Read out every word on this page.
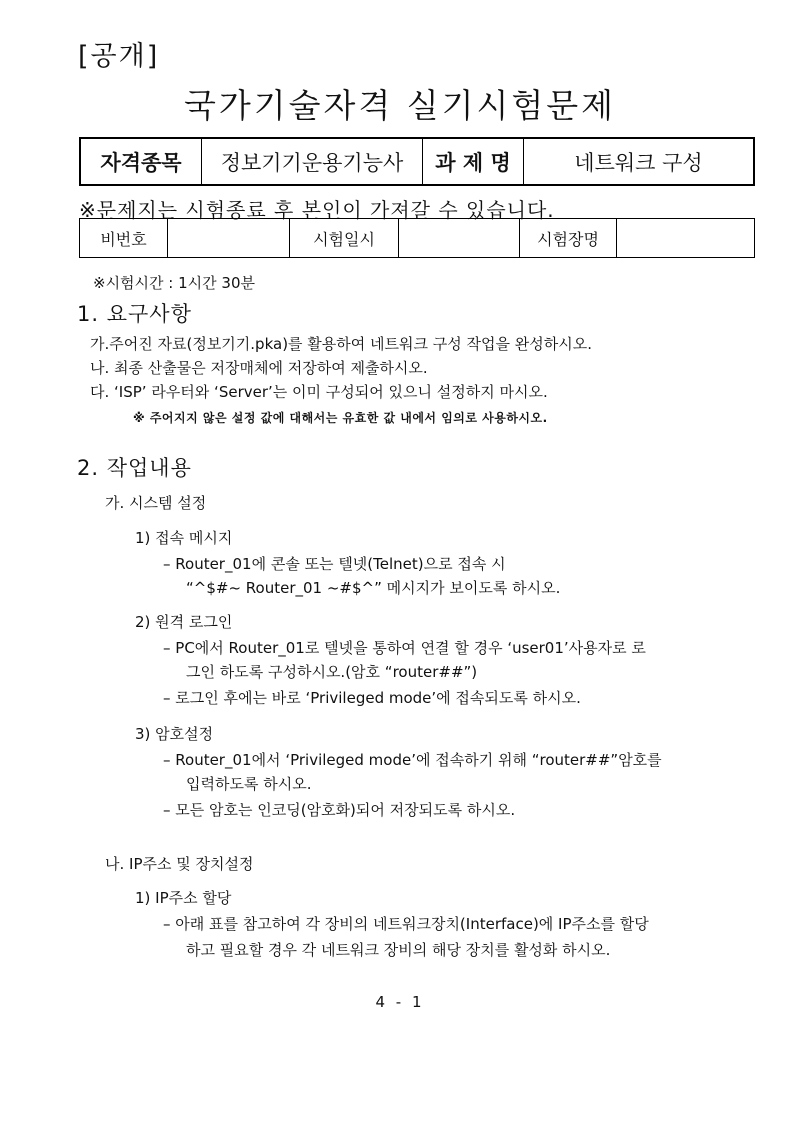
[공개]
국가기술자격 실기시험문제
자격종목	정보기기운용기능사	과 제 명	네트워크 구성
※문제지는 시험종료 후 본인이 가져갈 수 있습니다.
비번호		시험일시		시험장명	
※시험시간 : 1시간 30분
1. 요구사항
가.주어진 자료(정보기기.pka)를 활용하여 네트워크 구성 작업을 완성하시오.
나. 최종 산출물은 저장매체에 저장하여 제출하시오.
다. ‘ISP’ 라우터와 ‘Server’는 이미 구성되어 있으니 설정하지 마시오.
※ 주어지지 않은 설정 값에 대해서는 유효한 값 내에서 임의로 사용하시오.
2. 작업내용
가. 시스템 설정
1) 접속 메시지
– Router_01에 콘솔 또는 텔넷(Telnet)으로 접속 시
“^$#~ Router_01 ~#$^” 메시지가 보이도록 하시오.
2) 원격 로그인
– PC에서 Router_01로 텔넷을 통하여 연결 할 경우 ‘user01’사용자로 로
그인 하도록 구성하시오.(암호 “router##”)
– 로그인 후에는 바로 ‘Privileged mode’에 접속되도록 하시오.
3) 암호설정
– Router_01에서 ‘Privileged mode’에 접속하기 위해 “router##”암호를
입력하도록 하시오.
– 모든 암호는 인코딩(암호화)되어 저장되도록 하시오.
나. IP주소 및 장치설정
1) IP주소 할당
– 아래 표를 참고하여 각 장비의 네트워크장치(Interface)에 IP주소를 할당
하고 필요할 경우 각 네트워크 장비의 해당 장치를 활성화 하시오.
4 - 1
